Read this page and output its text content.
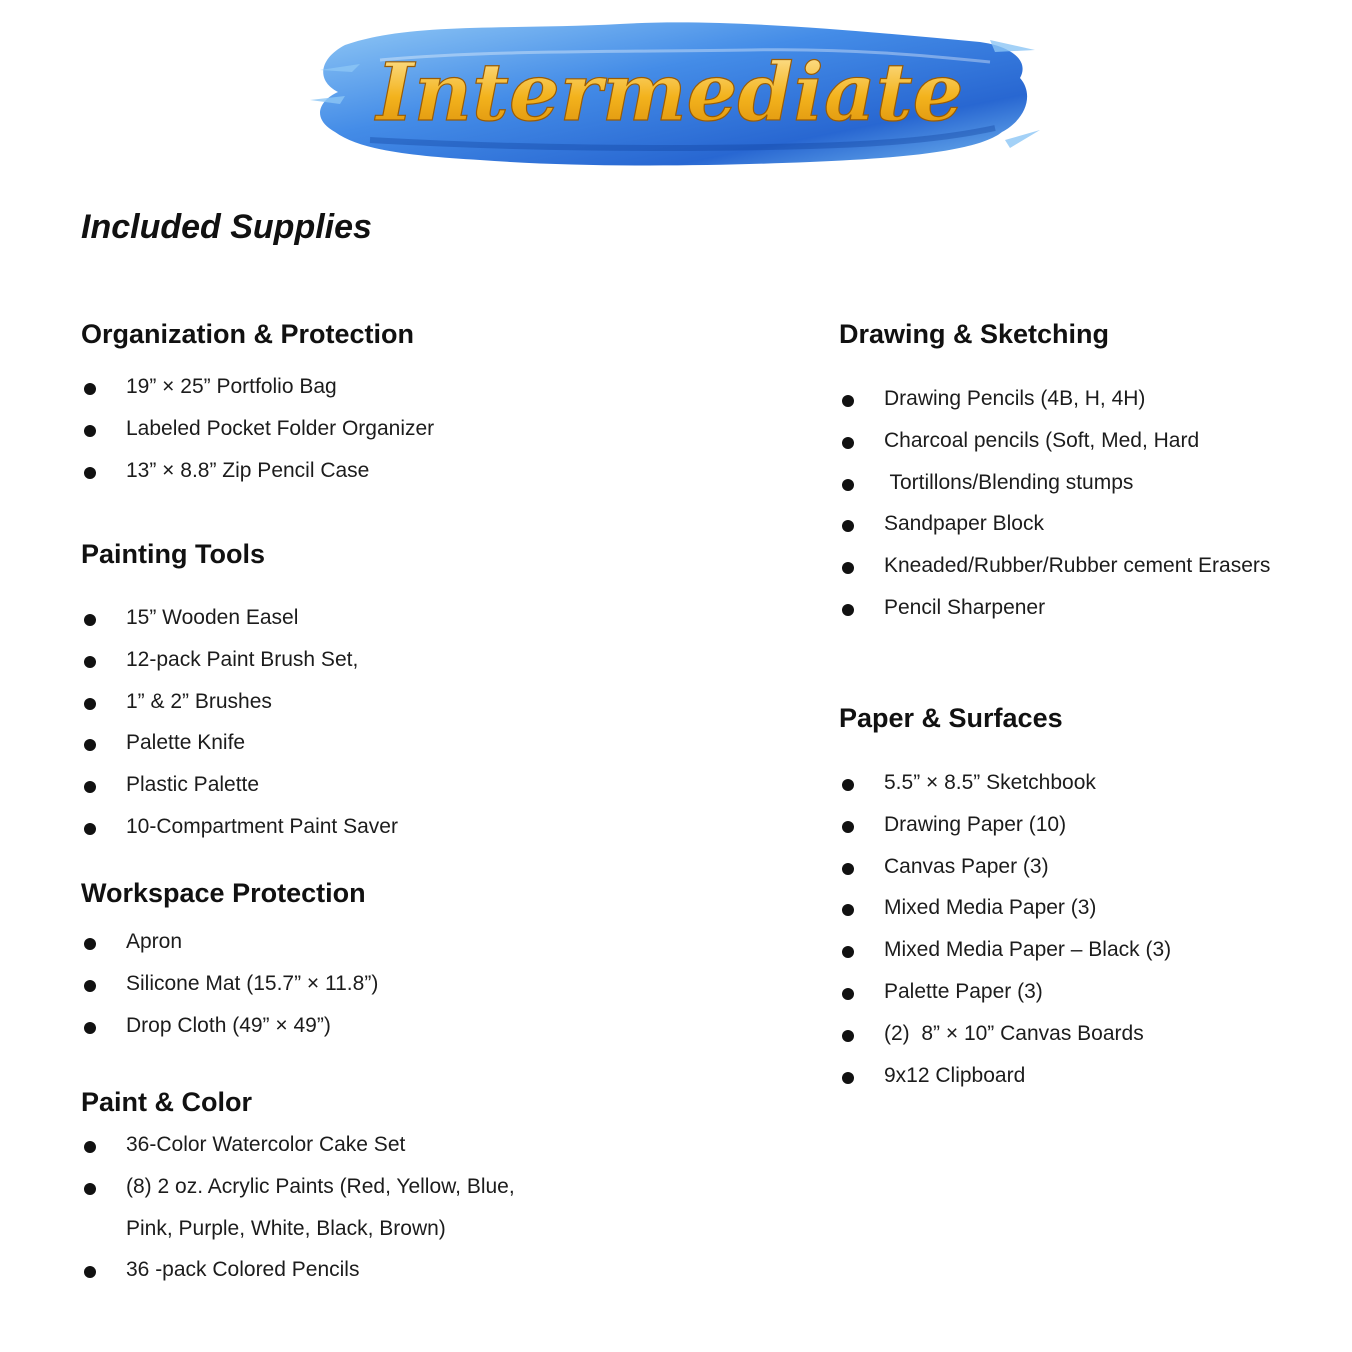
Intermediate
Included Supplies
Organization & Protection
19” × 25” Portfolio Bag
Labeled Pocket Folder Organizer
13” × 8.8” Zip Pencil Case
Painting Tools
15” Wooden Easel
12-pack Paint Brush Set,
1” & 2” Brushes
Palette Knife
Plastic Palette
10-Compartment Paint Saver
Workspace Protection
Apron
Silicone Mat (15.7” × 11.8”)
Drop Cloth (49” × 49”)
Paint & Color
36-Color Watercolor Cake Set
(8) 2 oz. Acrylic Paints (Red, Yellow, Blue, Pink, Purple, White, Black, Brown)
36 -pack Colored Pencils
Drawing & Sketching
Drawing Pencils (4B, H, 4H)
Charcoal pencils (Soft, Med, Hard
Tortillons/Blending stumps
Sandpaper Block
Kneaded/Rubber/Rubber cement Erasers
Pencil Sharpener
Paper & Surfaces
5.5” × 8.5” Sketchbook
Drawing Paper (10)
Canvas Paper (3)
Mixed Media Paper (3)
Mixed Media Paper – Black (3)
Palette Paper (3)
(2)  8” × 10” Canvas Boards
9x12 Clipboard
